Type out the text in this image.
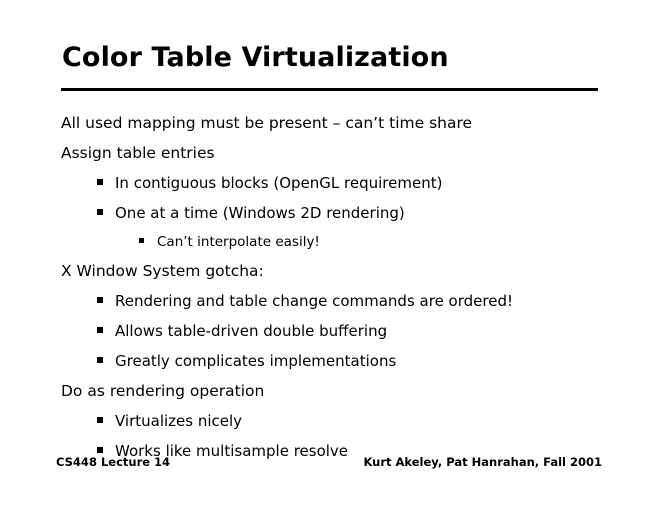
Color Table Virtualization
All used mapping must be present – can’t time share
Assign table entries
In contiguous blocks (OpenGL requirement)
One at a time (Windows 2D rendering)
Can’t interpolate easily!
X Window System gotcha:
Rendering and table change commands are ordered!
Allows table-driven double buffering
Greatly complicates implementations
Do as rendering operation
Virtualizes nicely
Works like multisample resolve
CS448 Lecture 14	Kurt Akeley, Pat Hanrahan, Fall 2001
